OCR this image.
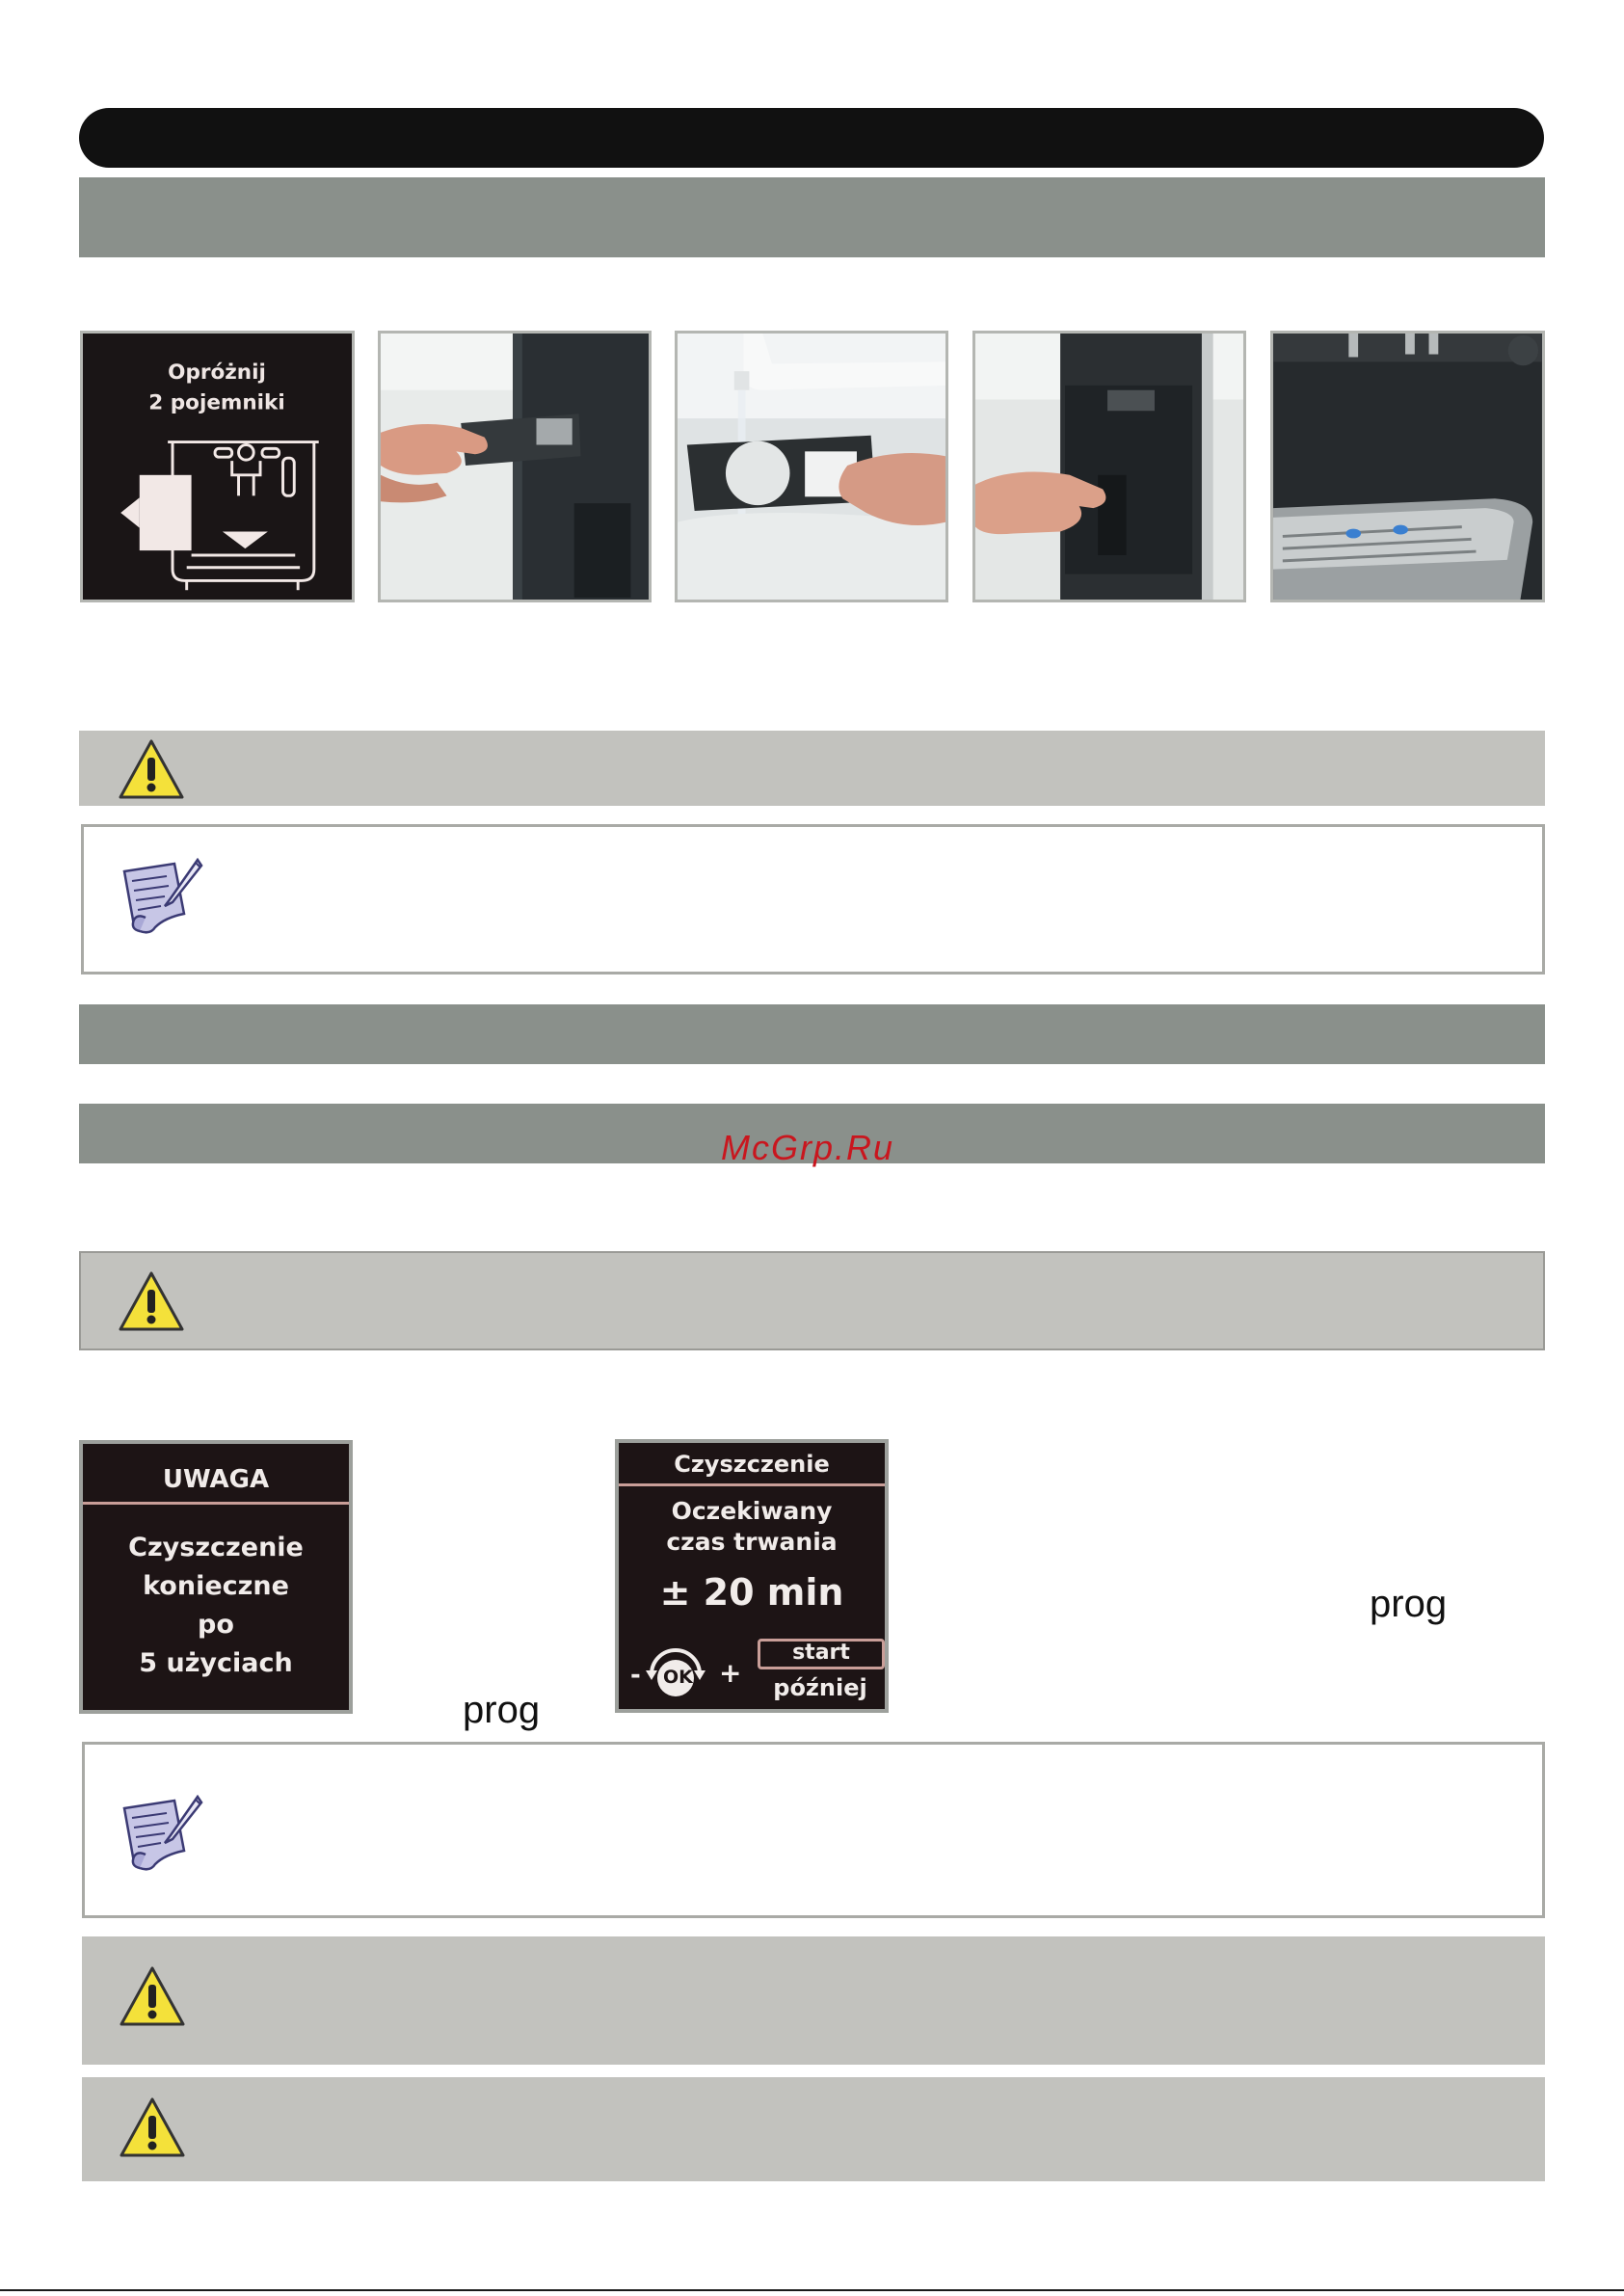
Opróżnij
2 pojemniki
McGrp.Ru
UWAGA
Czyszczenie
konieczne
po
5 użyciach
Czyszczenie
Oczekiwany
czas trwania
± 20 min
- OK +
start
później
prog
prog
